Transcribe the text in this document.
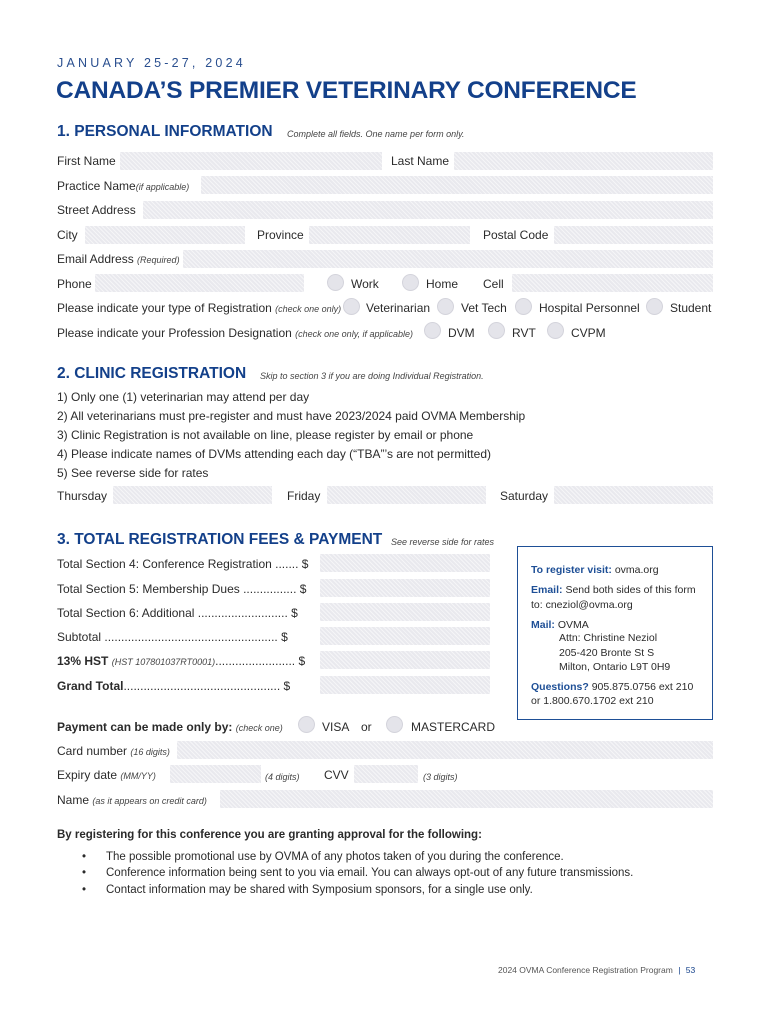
JANUARY 25-27, 2024
CANADA’S PREMIER VETERINARY CONFERENCE
1. PERSONAL INFORMATION Complete all fields. One name per form only.
First Name	Last Name
Practice Name(if applicable)
Street Address
City	Province	Postal Code
Email Address (Required)
Phone	Work	Home Cell
Please indicate your type of Registration (check one only) Veterinarian	Vet Tech	Hospital Personnel	Student
Please indicate your Profession Designation (check one only, if applicable)	DVM	RVT	CVPM
2. CLINIC REGISTRATION Skip to section 3 if you are doing Individual Registration.
1) Only one (1) veterinarian may attend per day
2) All veterinarians must pre-register and must have 2023/2024 paid OVMA Membership
3) Clinic Registration is not available on line, please register by email or phone
4) Please indicate names of DVMs attending each day (“TBA”’s are not permitted)
5) See reverse side for rates
Thursday	Friday	Saturday
3. TOTAL REGISTRATION FEES & PAYMENT See reverse side for rates
Total Section 4: Conference Registration ....... $
Total Section 5: Membership Dues ................ $
Total Section 6: Additional ........................... $
Subtotal .................................................... $
13% HST (HST 107801037RT0001)........................ $
Grand Total............................................... $
To register visit: ovma.org
Email: Send both sides of this form
to: cneziol@ovma.org
Mail: OVMA
Attn: Christine Neziol
205-420 Bronte St S
Milton, Ontario L9T 0H9
Questions? 905.875.0756 ext 210
or 1.800.670.1702 ext 210
Payment can be made only by: (check one)	VISA or	MASTERCARD
Card number (16 digits)
Expiry date (MM/YY)	(4 digits) CVV	(3 digits)
Name (as it appears on credit card)
By registering for this conference you are granting approval for the following:
• The possible promotional use by OVMA of any photos taken of you during the conference.
• Conference information being sent to you via email. You can always opt-out of any future transmissions.
• Contact information may be shared with Symposium sponsors, for a single use only.
2024 OVMA Conference Registration Program | 53
